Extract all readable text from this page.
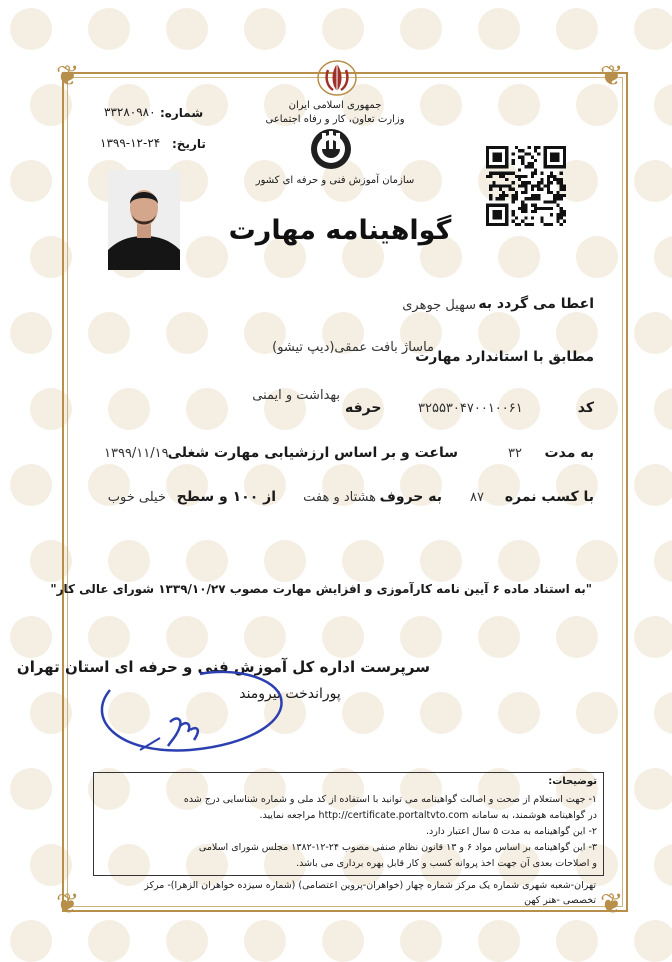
❦	❦
❦	❦
جمهوری اسلامی ایران
وزارت تعاون، کار و رفاه اجتماعی
سازمان آموزش فنی و حرفه ای کشور
شماره:
۳۳۲۸۰۹۸۰
تاریخ:
۱۳۹۹-۱۲-۲۴
گواهینامه مهارت
اعطا می گردد به
سهیل جوهری
مطابق با استاندارد مهارت
ماساژ بافت عمقی(دیپ تیشو)
کد
۳۲۵۵۳۰۴۷۰۰۱۰۰۶۱
حرفه
بهداشت و ایمنی
به مدت
۳۲
ساعت و بر اساس ارزشیابی مهارت شغلی
۱۳۹۹/۱۱/۱۹
با کسب نمره
۸۷
به حروف
هشتاد و هفت
از ۱۰۰ و سطح
خیلی خوب
"به استناد ماده ۶ آیین نامه کارآموزی و افزایش مهارت مصوب ۱۳۳۹/۱۰/۲۷ شورای عالی کار"
سرپرست اداره کل آموزش فنی و حرفه ای استان تهران
پوراندخت نیرومند
توضیحات:
۱- جهت استعلام از صحت و اصالت گواهینامه می توانید با استفاده از کد ملی و شماره شناسایی درج شده
در گواهینامه هوشمند، به سامانه http://certificate.portaltvto.com مراجعه نمایید.
۲- این گواهینامه به مدت ۵ سال اعتبار دارد.
۳- این گواهینامه بر اساس مواد ۶ و ۱۳ قانون نظام صنفی مصوب ۲۴-۱۲-۱۳۸۲ مجلس شورای اسلامی
و اصلاحات بعدی آن جهت اخذ پروانه کسب و کار قابل بهره برداری می باشد.
تهران-شعبه شهری شماره یک مرکز شماره چهار (خواهران-پروین اعتصامی) (شماره سیزده خواهران الزهرا)- مرکز
تخصصی -هنر کهن
